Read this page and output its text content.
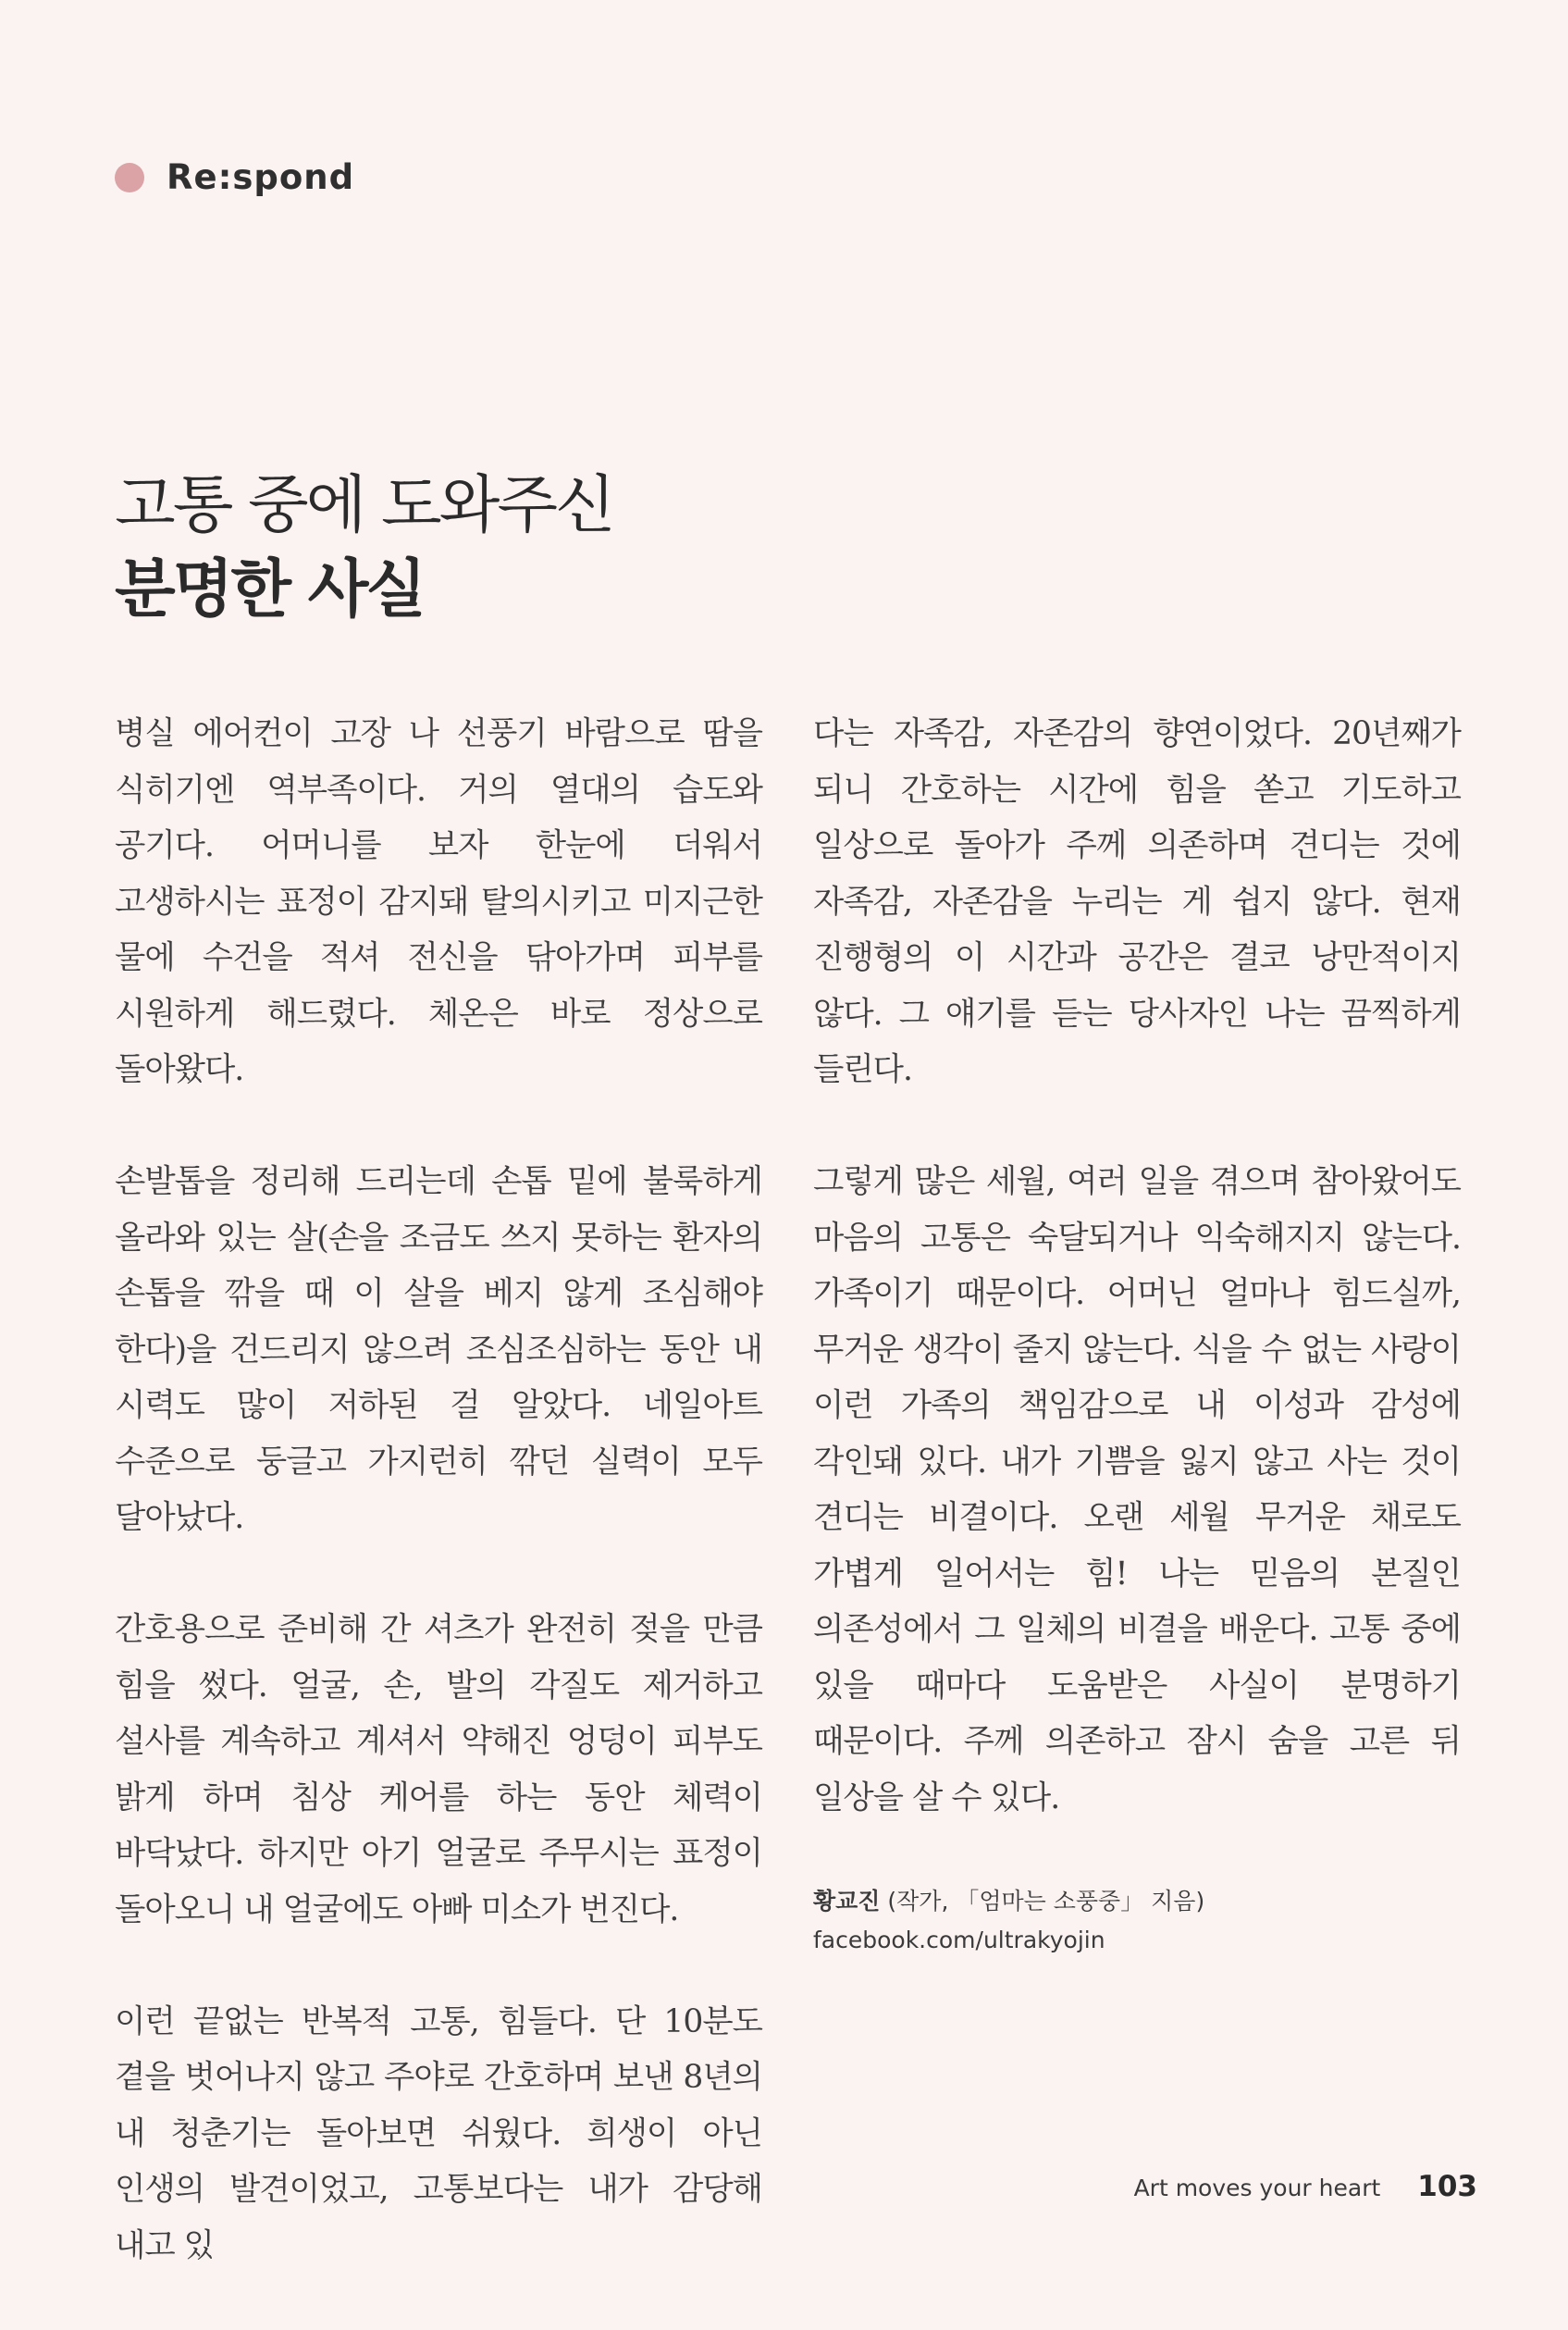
Re:spond
고통 중에 도와주신
분명한 사실

병실 에어컨이 고장 나 선풍기 바람으로 땀을 식히기엔 역부족이다. 거의 열대의 습도와 공기다. 어머니를 보자 한눈에 더워서 고생하시는 표정이 감지돼 탈의시키고 미지근한 물에 수건을 적셔 전신을 닦아가며 피부를 시원하게 해드렸다. 체온은 바로 정상으로 돌아왔다.

손발톱을 정리해 드리는데 손톱 밑에 불룩하게 올라와 있는 살(손을 조금도 쓰지 못하는 환자의 손톱을 깎을 때 이 살을 베지 않게 조심해야 한다)을 건드리지 않으려 조심조심하는 동안 내 시력도 많이 저하된 걸 알았다. 네일아트 수준으로 둥글고 가지런히 깎던 실력이 모두 달아났다.

간호용으로 준비해 간 셔츠가 완전히 젖을 만큼 힘을 썼다. 얼굴, 손, 발의 각질도 제거하고 설사를 계속하고 계셔서 약해진 엉덩이 피부도 밝게 하며 침상 케어를 하는 동안 체력이 바닥났다. 하지만 아기 얼굴로 주무시는 표정이 돌아오니 내 얼굴에도 아빠 미소가 번진다.

이런 끝없는 반복적 고통, 힘들다. 단 10분도 곁을 벗어나지 않고 주야로 간호하며 보낸 8년의 내 청춘기는 돌아보면 쉬웠다. 희생이 아닌 인생의 발견이었고, 고통보다는 내가 감당해 내고 있

다는 자족감, 자존감의 향연이었다. 20년째가 되니 간호하는 시간에 힘을 쏟고 기도하고 일상으로 돌아가 주께 의존하며 견디는 것에 자족감, 자존감을 누리는 게 쉽지 않다. 현재 진행형의 이 시간과 공간은 결코 낭만적이지 않다. 그 얘기를 듣는 당사자인 나는 끔찍하게 들린다.

그렇게 많은 세월, 여러 일을 겪으며 참아왔어도 마음의 고통은 숙달되거나 익숙해지지 않는다. 가족이기 때문이다. 어머닌 얼마나 힘드실까, 무거운 생각이 줄지 않는다. 식을 수 없는 사랑이 이런 가족의 책임감으로 내 이성과 감성에 각인돼 있다. 내가 기쁨을 잃지 않고 사는 것이 견디는 비결이다. 오랜 세월 무거운 채로도 가볍게 일어서는 힘! 나는 믿음의 본질인 의존성에서 그 일체의 비결을 배운다. 고통 중에 있을 때마다 도움받은 사실이 분명하기 때문이다. 주께 의존하고 잠시 숨을 고른 뒤 일상을 살 수 있다.

황교진 (작가, 「엄마는 소풍중」 지음)
facebook.com/ultrakyojin
Art moves your heart 103
